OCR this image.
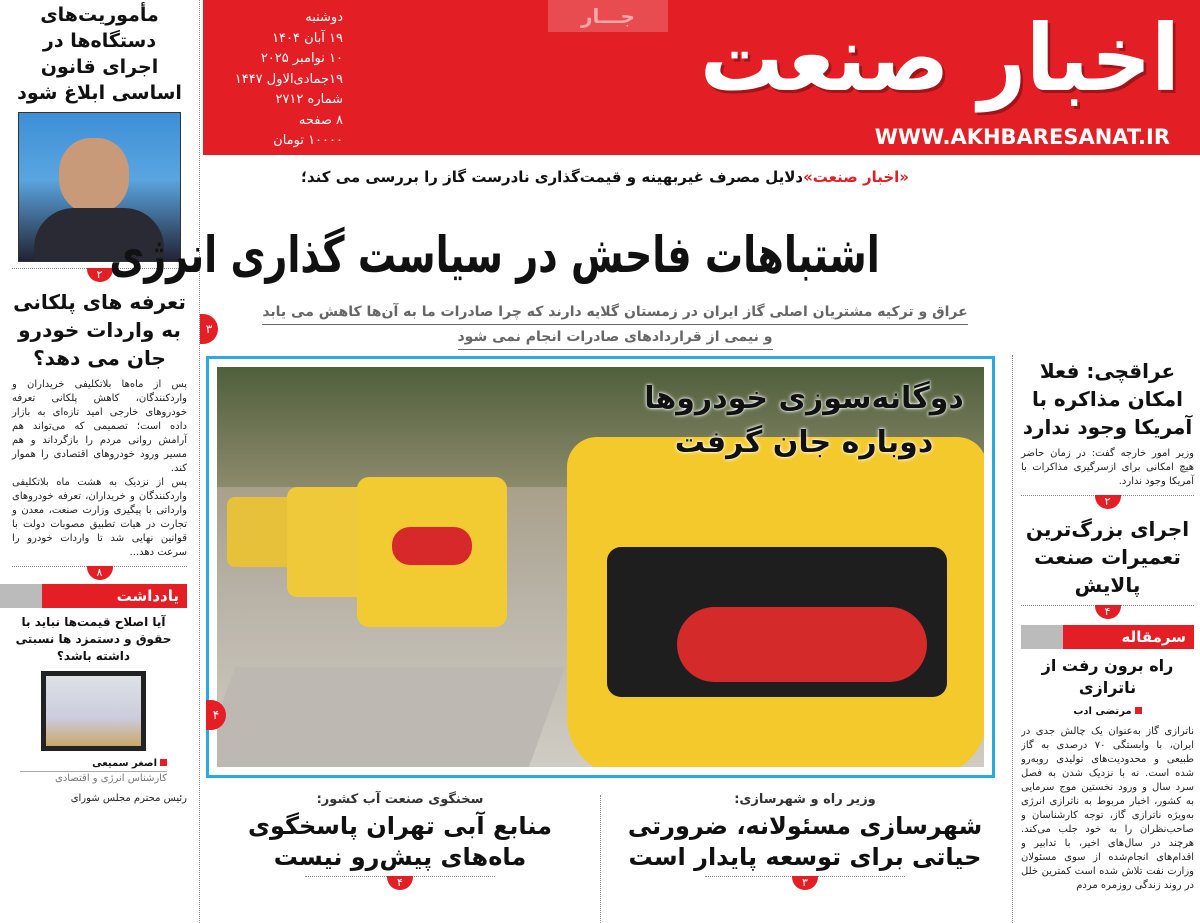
اخبار صنعت
جـــار
WWW.AKHBARESANAT.IR
دوشنبه
۱۹ آبان ۱۴۰۴
۱۰ نوامبر ۲۰۲۵
۱۹جمادی‌الاول ۱۴۴۷
شماره ۲۷۱۲
۸ صفحه
۱۰۰۰۰ تومان
مأموریت‌های دستگاه‌ها در اجرای قانون اساسی ابلاغ شود
۲
تعرفه های پلکانی به واردات خودرو جان می دهد؟

پس از ماه‌ها بلاتکلیفی خریداران و واردکنندگان، کاهش پلکانی تعرفه خودروهای خارجی امید تازه‌ای به بازار داده است؛ تصمیمی که می‌تواند هم آرامش روانی مردم را بازگرداند و هم مسیر ورود خودروهای اقتصادی را هموار کند.

پس از نزدیک به هشت ماه بلاتکلیفی واردکنندگان و خریداران، تعرفه خودروهای وارداتی با پیگیری وزارت صنعت، معدن و تجارت در هیات تطبیق مصوبات دولت با قوانین نهایی شد تا واردات خودرو را سرعت دهد...

۸
یادداشت
آیا اصلاح قیمت‌ها نباید با حقوق و دستمزد ها نسبتی داشته باشد؟
اصغر سمیعی
کارشناس انرژی و اقتصادی
رئیس محترم مجلس شورای
«اخبار صنعت»دلایل مصرف غیربهینه و قیمت‌گذاری نادرست گاز را بررسی می کند؛
اشتباهات فاحش در سیاست گذاری انرژی
عراق و ترکیه مشتریان اصلی گاز ایران در زمستان گلایه دارند که چرا صادرات ما به آن‌ها کاهش می یابد
و نیمی از قراردادهای صادرات انجام نمی شود
۳
دوگانه‌سوزی خودروها دوباره جان گرفت
۴
وزیر راه و شهرسازی:
شهرسازی مسئولانه، ضرورتی حیاتی برای توسعه پایدار است
۳
سخنگوی صنعت آب کشور:
منابع آبی تهران پاسخگوی ماه‌های پیش‌رو نیست
۴
عراقچی: فعلا امکان مذاکره با آمریکا وجود ندارد
وزیر امور خارجه گفت: در زمان حاضر هیچ امکانی برای ازسرگیری مذاکرات با آمریکا وجود ندارد.
۲
اجرای بزرگ‌ترین تعمیرات صنعت پالایش
۴
سرمقاله
راه برون رفت از ناترازی
مرتضی ادب
ناترازی گاز به‌عنوان یک چالش جدی در ایران، با وابستگی ۷۰ درصدی به گاز طبیعی و محدودیت‌های تولیدی روبه‌رو شده است. نه با نزدیک شدن به فصل سرد سال و ورود نخستین موج سرمایی به کشور، اخبار مربوط به ناترازی انرژی به‌ویژه ناترازی گاز، توجه کارشناسان و صاحب‌نظران را به خود جلب می‌کند. هرچند در سال‌های اخیر، با تدابیر و اقدام‌های انجام‌شده از سوی مسئولان وزارت نفت تلاش شده است کمترین خلل در روند زندگی روزمره مردم
